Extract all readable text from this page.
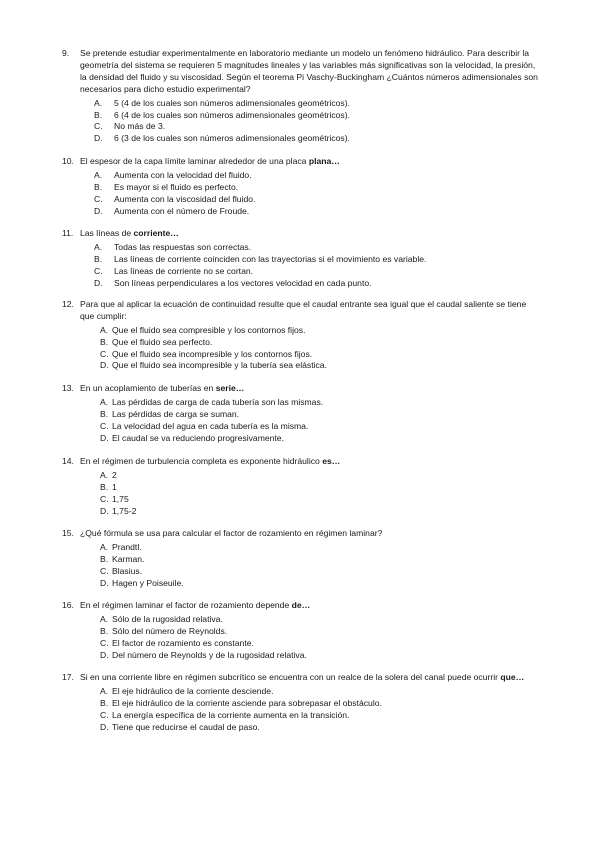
9.	Se pretende estudiar experimentalmente en laboratorio mediante un modelo un fenómeno hidráulico. Para describir la geometría del sistema se requieren 5 magnitudes lineales y las variables más significativas son la velocidad, la presión, la densidad del fluido y su viscosidad. Según el teorema Pi Vaschy-Buckingham ¿Cuántos números adimensionales son necesarios para dicho estudio experimental?
A. 5 (4 de los cuales son números adimensionales geométricos).
B. 6 (4 de los cuales son números adimensionales geométricos).
C. No más de 3.
D. 6 (3 de los cuales son números adimensionales geométricos).
10. El espesor de la capa límite laminar alrededor de una placa plana…
A. Aumenta con la velocidad del fluido.
B. Es mayor si el fluido es perfecto.
C. Aumenta con la viscosidad del fluido.
D. Aumenta con el número de Froude.
11. Las líneas de corriente…
A. Todas las respuestas son correctas.
B. Las líneas de corriente coinciden con las trayectorias si el movimiento es variable.
C. Las líneas de corriente no se cortan.
D. Son líneas perpendiculares a los vectores velocidad en cada punto.
12. Para que al aplicar la ecuación de continuidad resulte que el caudal entrante sea igual que el caudal saliente se tiene que cumplir:
A. Que el fluido sea compresible y los contornos fijos.
B. Que el fluido sea perfecto.
C. Que el fluido sea incompresible y los contornos fijos.
D. Que el fluido sea incompresible y la tubería sea elástica.
13. En un acoplamiento de tuberías en serie…
A. Las pérdidas de carga de cada tubería son las mismas.
B. Las pérdidas de carga se suman.
C. La velocidad del agua en cada tubería es la misma.
D. El caudal se va reduciendo progresivamente.
14. En el régimen de turbulencia completa es exponente hidráulico es…
A. 2
B. 1
C. 1,75
D. 1,75-2
15. ¿Qué fórmula se usa para calcular el factor de rozamiento en régimen laminar?
A. Prandtl.
B. Karman.
C. Blasius.
D. Hagen y Poiseuile.
16. En el régimen laminar el factor de rozamiento depende de…
A. Sólo de la rugosidad relativa.
B. Sólo del número de Reynolds.
C. El factor de rozamiento es constante.
D. Del número de Reynolds y de la rugosidad relativa.
17. Si en una corriente libre en régimen subcrítico se encuentra con un realce de la solera del canal puede ocurrir que…
A. El eje hidráulico de la corriente desciende.
B. El eje hidráulico de la corriente asciende para sobrepasar el obstáculo.
C. La energía específica de la corriente aumenta en la transición.
D. Tiene que reducirse el caudal de paso.
